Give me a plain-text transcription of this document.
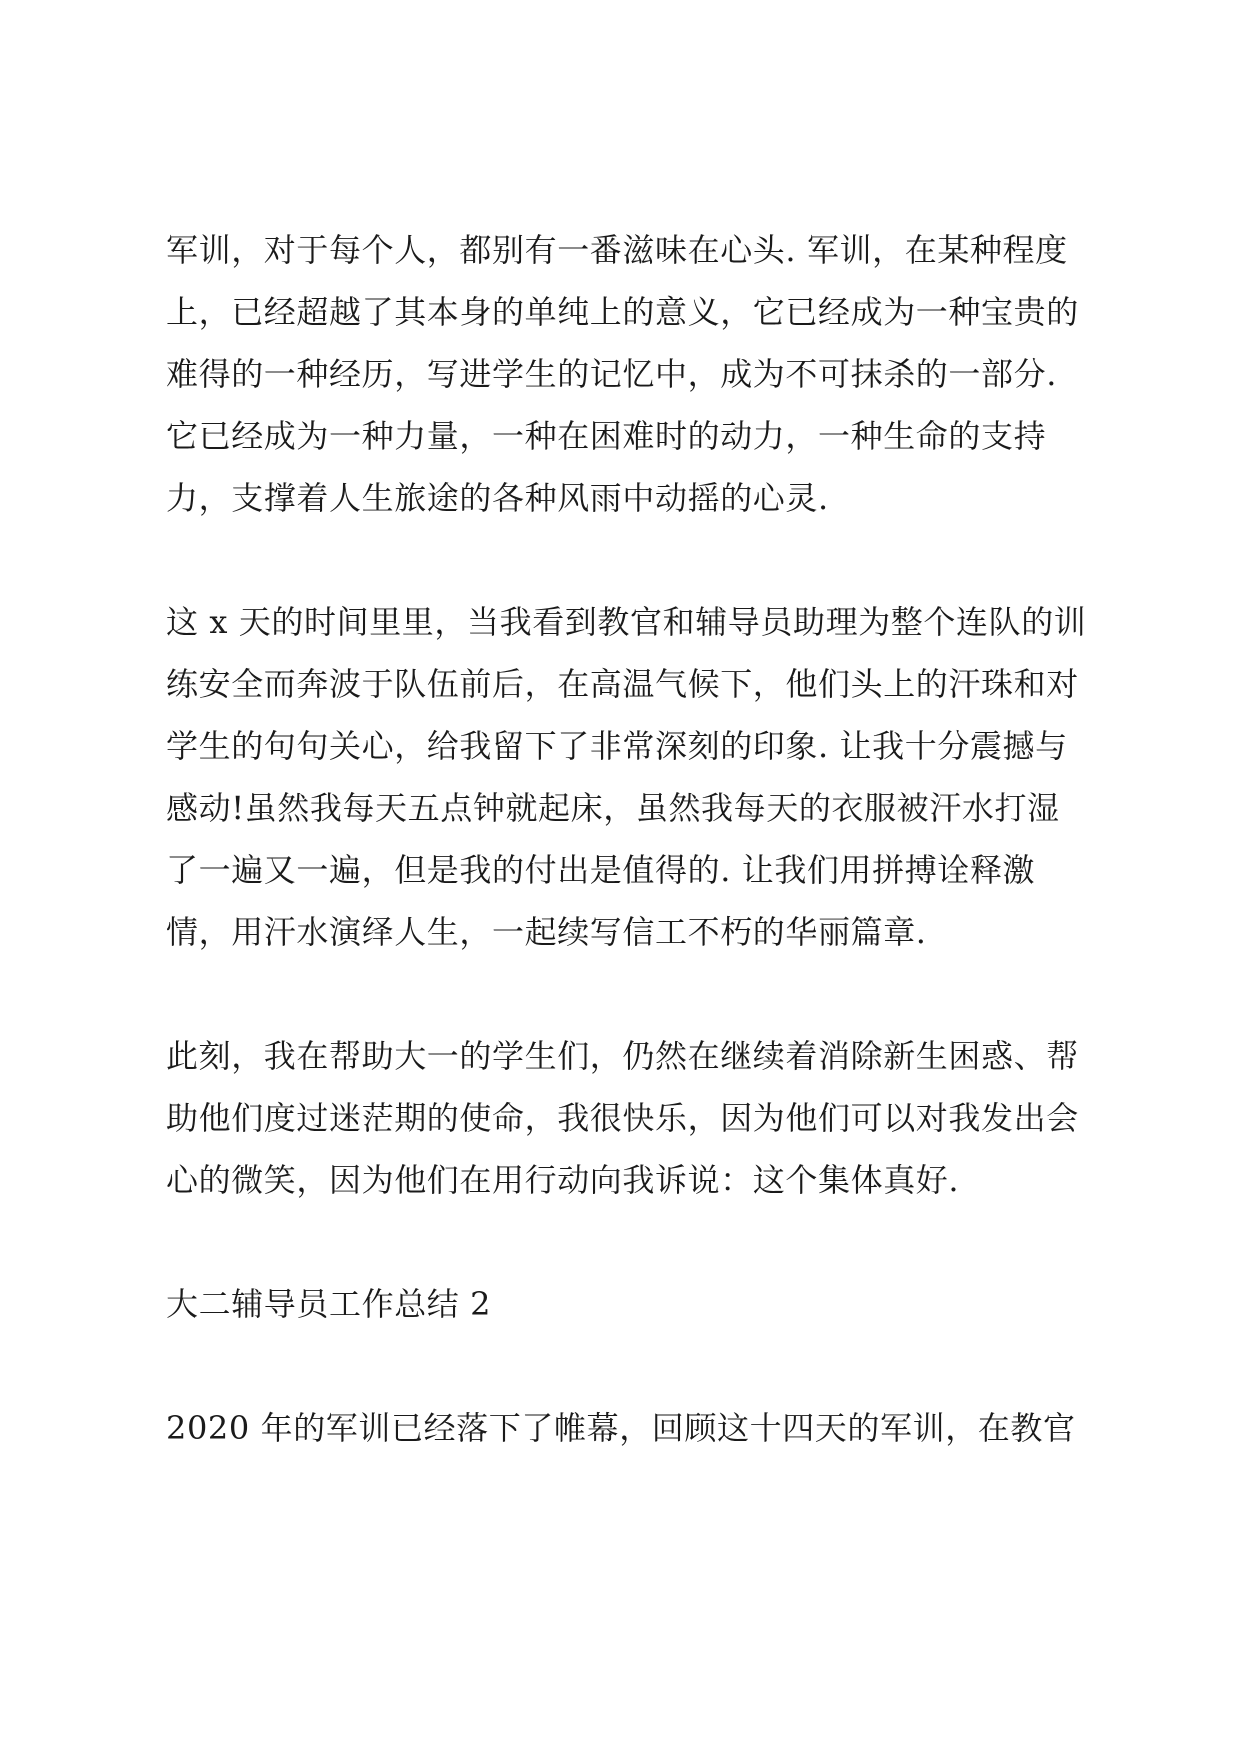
军训，对于每个人，都别有一番滋味在心头. 军训，在某种程度

上，已经超越了其本身的单纯上的意义，它已经成为一种宝贵的

难得的一种经历，写进学生的记忆中，成为不可抹杀的一部分.

它已经成为一种力量，一种在困难时的动力，一种生命的支持

力，支撑着人生旅途的各种风雨中动摇的心灵.

这 x 天的时间里里，当我看到教官和辅导员助理为整个连队的训

练安全而奔波于队伍前后，在高温气候下，他们头上的汗珠和对

学生的句句关心，给我留下了非常深刻的印象. 让我十分震撼与

感动!虽然我每天五点钟就起床，虽然我每天的衣服被汗水打湿

了一遍又一遍，但是我的付出是值得的. 让我们用拼搏诠释激

情，用汗水演绎人生，一起续写信工不朽的华丽篇章.

此刻，我在帮助大一的学生们，仍然在继续着消除新生困惑、帮

助他们度过迷茫期的使命，我很快乐，因为他们可以对我发出会

心的微笑，因为他们在用行动向我诉说：这个集体真好.

大二辅导员工作总结 2

2020 年的军训已经落下了帷幕，回顾这十四天的军训，在教官
